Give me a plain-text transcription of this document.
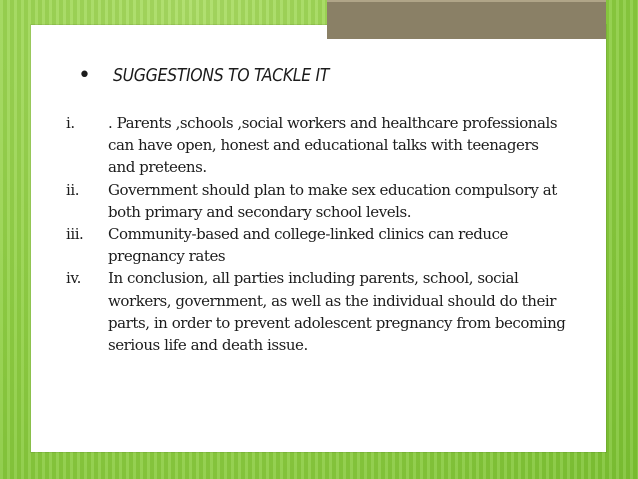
• SUGGESTIONS TO TACKLE IT
i.	. Parents ,schools ,social workers and healthcare professionals can have open, honest and educational talks with teenagers and preteens.
ii.	Government should plan to make sex education compulsory at both primary and secondary school levels.
iii.	Community-based and college-linked clinics can reduce pregnancy rates
iv.	In conclusion, all parties including parents, school, social workers, government, as well as the individual should do their parts, in order to prevent adolescent pregnancy from becoming serious life and death issue.
